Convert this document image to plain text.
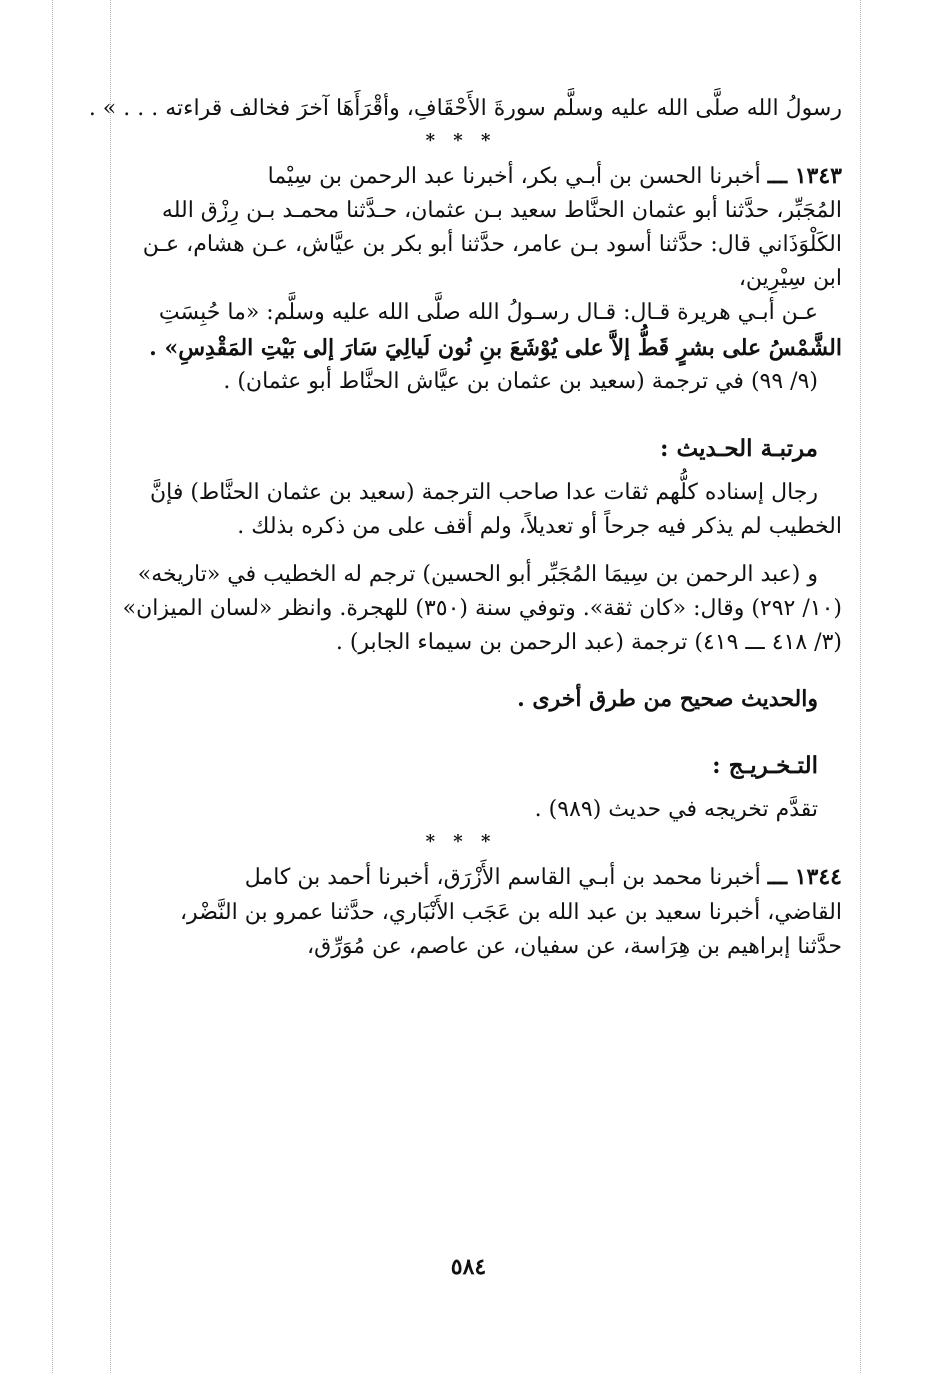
رسولُ الله صلَّى الله عليه وسلَّم سورةَ الأَحْقَافِ، وأقْرَأَهَا آخرَ فخالف قراءته . . . » .

* * *

١٣٤٣ ـــ أخبرنا الحسن بن أبـي بكر، أخبرنا عبد الرحمن بن سِيْما

المُجَبِّر، حدَّثنا أبو عثمان الحنَّاط سعيد بـن عثمان، حـدَّثنا محمـد بـن رِزْق الله

الكَلْوَذَاني قال: حدَّثنا أسود بـن عامر، حدَّثنا أبو بكر بن عيَّاش، عـن هشام، عـن

ابن سِيْرِين،

عـن أبـي هريرة قـال: قـال رسـولُ الله صلَّى الله عليه وسلَّم: «ما حُبِسَتِ

الشَّمْسُ على بشرٍ قَطُّ إلاَّ على يُوْشَعَ بنِ نُون لَيالِيَ سَارَ إلى بَيْتِ المَقْدِسِ» .

(٩/ ٩٩) في ترجمة (سعيد بن عثمان بن عيَّاش الحنَّاط أبو عثمان) .

مرتبـة الحـديث :

رجال إسناده كلُّهم ثقات عدا صاحب الترجمة (سعيد بن عثمان الحنَّاط) فإنَّ

الخطيب لم يذكر فيه جرحاً أو تعديلاً، ولم أقف على من ذكره بذلك .

و (عبد الرحمن بن سِيمَا المُجَبِّر أبو الحسين) ترجم له الخطيب في «تاريخه»

(١٠/ ٢٩٢) وقال: «كان ثقة». وتوفي سنة (٣٥٠) للهجرة. وانظر «لسان الميزان»

(٣/ ٤١٨ ـــ ٤١٩) ترجمة (عبد الرحمن بن سيماء الجابر) .

والحديث صحيح من طرق أخرى .

التـخـريـج :

تقدَّم تخريجه في حديث (٩٨٩) .

* * *

١٣٤٤ ـــ أخبرنا محمد بن أبـي القاسم الأَزْرَق، أخبرنا أحمد بن كامل

القاضي، أخبرنا سعيد بن عبد الله بن عَجَب الأَنْبَاري، حدَّثنا عمرو بن النَّضْر،

حدَّثنا إبراهيم بن هِرَاسة، عن سفيان، عن عاصم، عن مُوَرِّق،

٥٨٤
